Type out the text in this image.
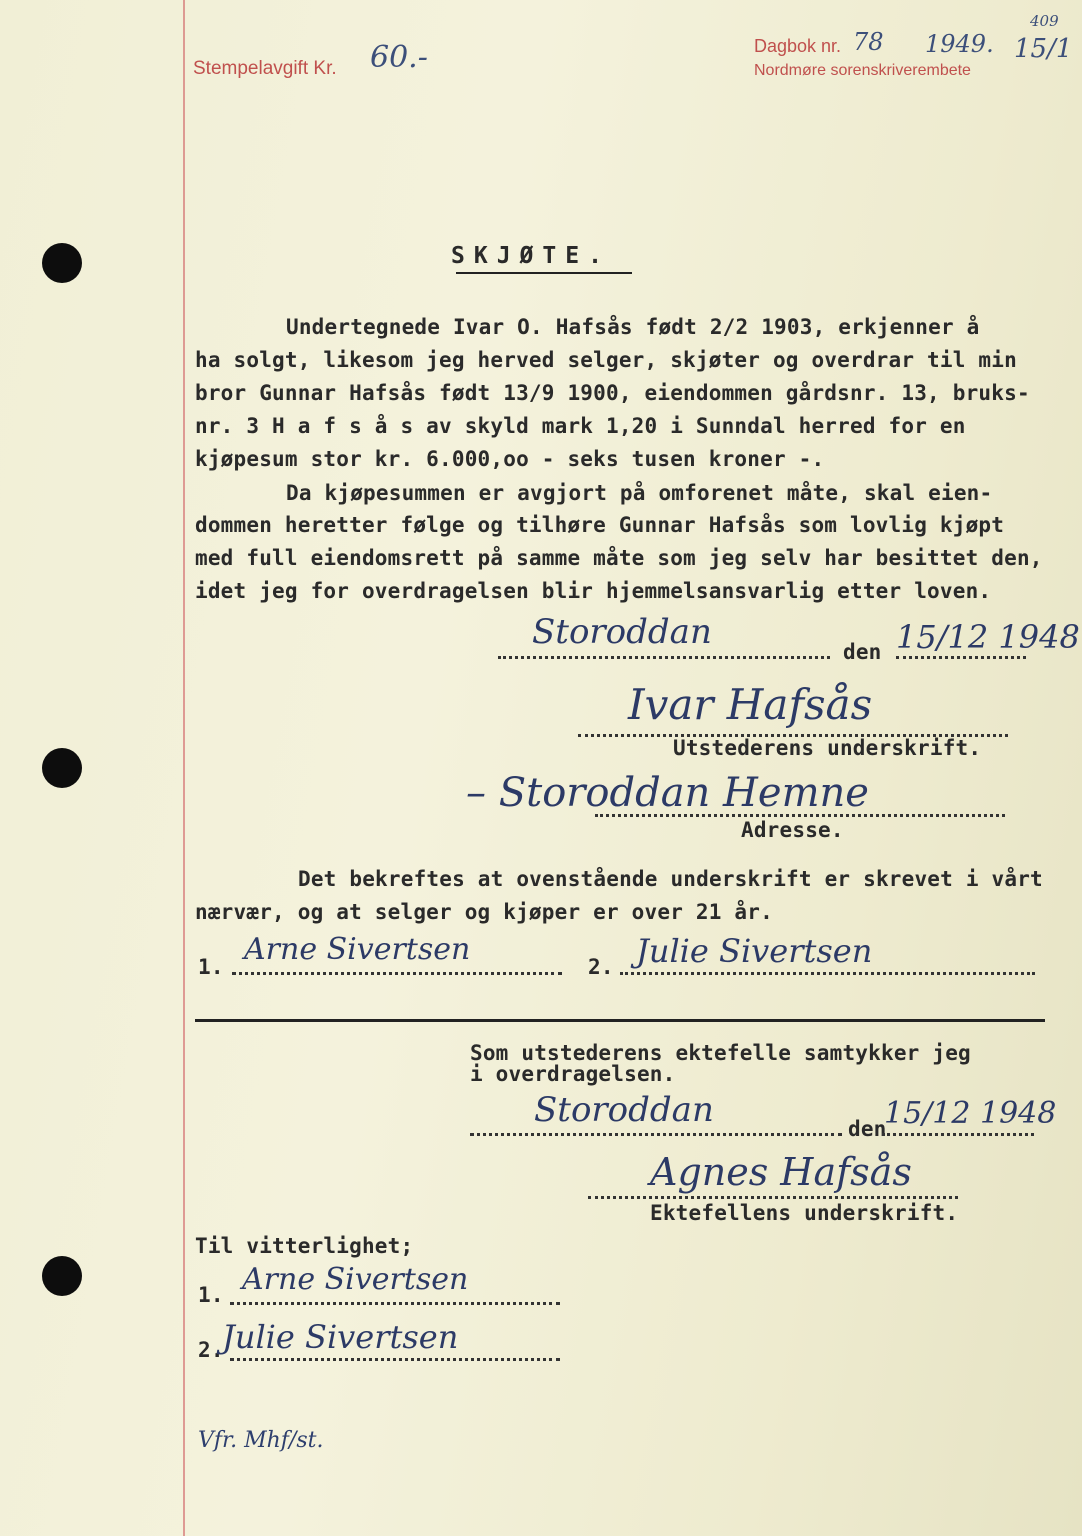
Stempelavgift Kr. 60.-	Dagbok nr. 78 1949. 15/1
409
Nordmøre sorenskriverembete
SKJØTE.
Undertegnede Ivar O. Hafsås født 2/2 1903, erkjenner å
ha solgt, likesom jeg herved selger, skjøter og overdrar til min
bror Gunnar Hafsås født 13/9 1900, eiendommen gårdsnr. 13, bruks-
nr. 3 H a f s å s av skyld mark 1,20 i Sunndal herred for en
kjøpesum stor kr. 6.000,oo - seks tusen kroner -.
Da kjøpesummen er avgjort på omforenet måte, skal eien-
dommen heretter følge og tilhøre Gunnar Hafsås som lovlig kjøpt
med full eiendomsrett på samme måte som jeg selv har besittet den,
idet jeg for overdragelsen blir hjemmelsansvarlig etter loven.
Storoddan	den 15/12 1948
Ivar Hafsås
Utstederens underskrift.
– Storoddan Hemne
Adresse.
Det bekreftes at ovenstående underskrift er skrevet i vårt
nærvær, og at selger og kjøper er over 21 år.
1. Arne Sivertsen	2. Julie Sivertsen
Som utstederens ektefelle samtykker jeg
i overdragelsen.
Storoddan	den
15/12 1948
Agnes Hafsås
Ektefellens underskrift.
Til vitterlighet;
1. Arne Sivertsen
2.
Julie Sivertsen
Vfr. Mhf/st.
